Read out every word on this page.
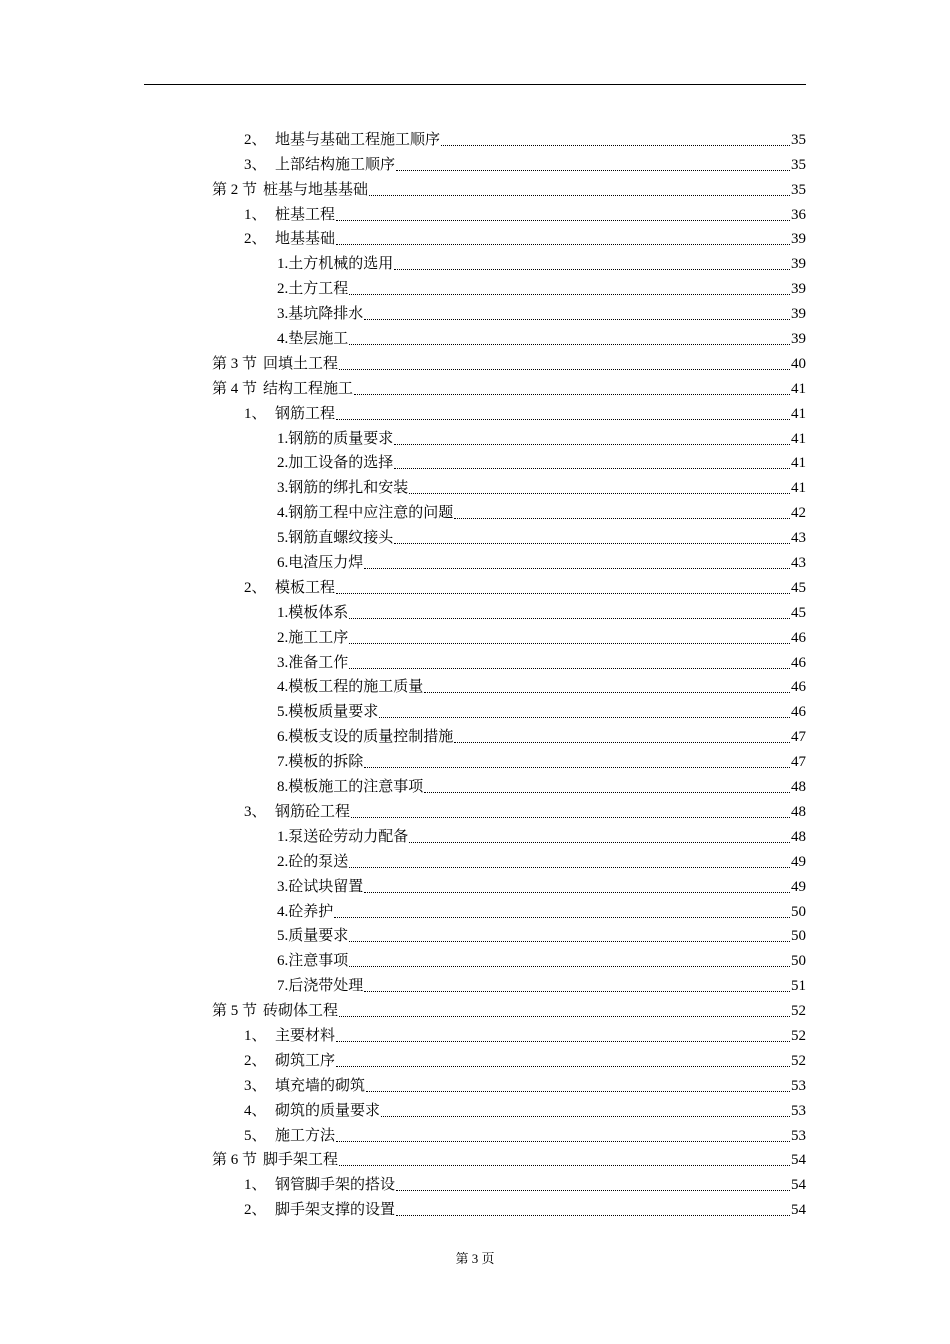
2、 地基与基础工程施工顺序	35
3、 上部结构施工顺序	35
第 2 节 桩基与地基基础	35
1、 桩基工程	36
2、 地基基础	39
1. 土方机械的选用	39
2. 土方工程	39
3. 基坑降排水	39
4. 垫层施工	39
第 3 节 回填土工程	40
第 4 节 结构工程施工	41
1、 钢筋工程	41
1. 钢筋的质量要求	41
2. 加工设备的选择	41
3. 钢筋的绑扎和安装	41
4. 钢筋工程中应注意的问题	42
5. 钢筋直螺纹接头	43
6. 电渣压力焊	43
2、 模板工程	45
1. 模板体系	45
2. 施工工序	46
3. 准备工作	46
4. 模板工程的施工质量	46
5. 模板质量要求	46
6. 模板支设的质量控制措施	47
7. 模板的拆除	47
8. 模板施工的注意事项	48
3、 钢筋砼工程	48
1. 泵送砼劳动力配备	48
2. 砼的泵送	49
3. 砼试块留置	49
4. 砼养护	50
5. 质量要求	50
6. 注意事项	50
7. 后浇带处理	51
第 5 节 砖砌体工程	52
1、 主要材料	52
2、 砌筑工序	52
3、 填充墙的砌筑	53
4、 砌筑的质量要求	53
5、 施工方法	53
第 6 节 脚手架工程	54
1、 钢管脚手架的搭设	54
2、 脚手架支撑的设置	54
第 3 页
